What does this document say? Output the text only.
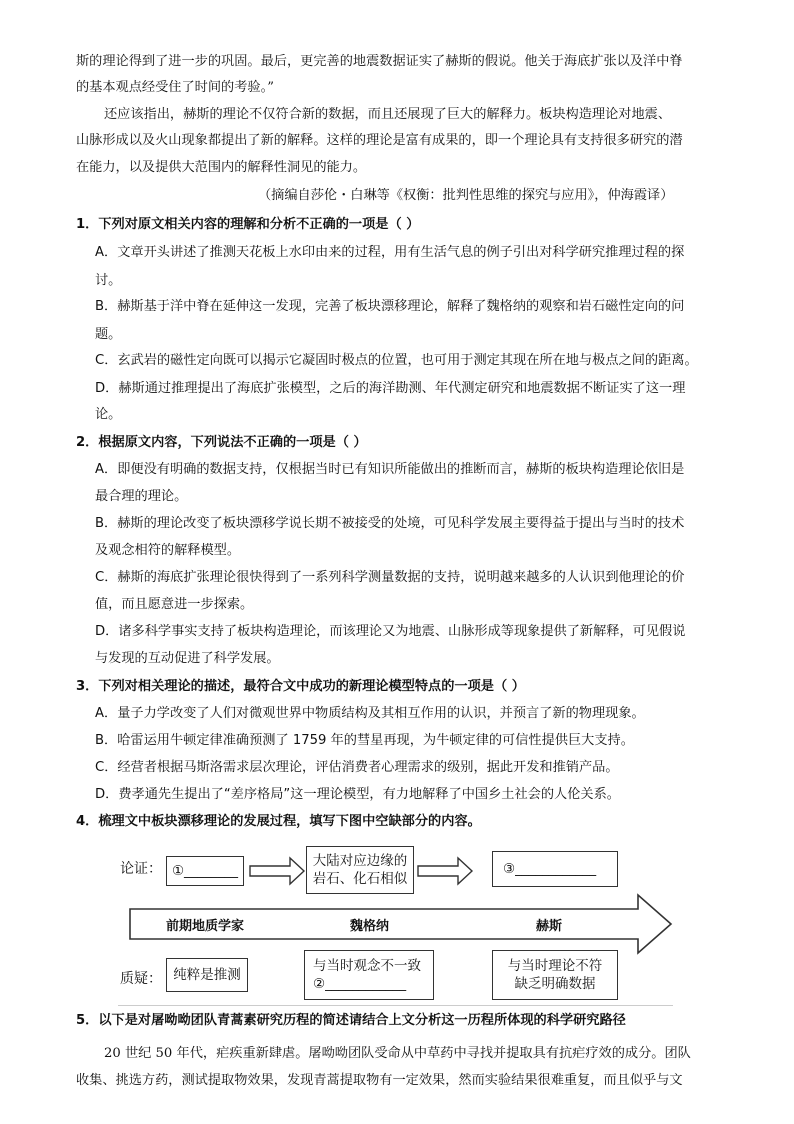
斯的理论得到了进一步的巩固。最后，更完善的地震数据证实了赫斯的假说。他关于海底扩张以及洋中脊
的基本观点经受住了时间的考验。”
还应该指出，赫斯的理论不仅符合新的数据，而且还展现了巨大的解释力。板块构造理论对地震、
山脉形成以及火山现象都提出了新的解释。这样的理论是富有成果的，即一个理论具有支持很多研究的潜
在能力，以及提供大范围内的解释性洞见的能力。
（摘编自莎伦・白琳等《权衡：批判性思维的探究与应用》，仲海霞译）
1．下列对原文相关内容的理解和分析不正确的一项是（ ）
A．文章开头讲述了推测天花板上水印由来的过程，用有生活气息的例子引出对科学研究推理过程的探
讨。
B．赫斯基于洋中脊在延伸这一发现，完善了板块漂移理论，解释了魏格纳的观察和岩石磁性定向的问
题。
C．玄武岩的磁性定向既可以揭示它凝固时极点的位置，也可用于测定其现在所在地与极点之间的距离。
D．赫斯通过推理提出了海底扩张模型，之后的海洋勘测、年代测定研究和地震数据不断证实了这一理
论。
2．根据原文内容，下列说法不正确的一项是（ ）
A．即便没有明确的数据支持，仅根据当时已有知识所能做出的推断而言，赫斯的板块构造理论依旧是
最合理的理论。
B．赫斯的理论改变了板块漂移学说长期不被接受的处境，可见科学发展主要得益于提出与当时的技术
及观念相符的解释模型。
C．赫斯的海底扩张理论很快得到了一系列科学测量数据的支持，说明越来越多的人认识到他理论的价
值，而且愿意进一步探索。
D．诸多科学事实支持了板块构造理论，而该理论又为地震、山脉形成等现象提供了新解释，可见假说
与发现的互动促进了科学发展。
3．下列对相关理论的描述，最符合文中成功的新理论模型特点的一项是（ ）
A．量子力学改变了人们对微观世界中物质结构及其相互作用的认识，并预言了新的物理现象。
B．哈雷运用牛顿定律准确预测了 1759 年的彗星再现，为牛顿定律的可信性提供巨大支持。
C．经营者根据马斯洛需求层次理论，评估消费者心理需求的级别，据此开发和推销产品。
D．费孝通先生提出了“差序格局”这一理论模型，有力地解释了中国乡土社会的人伦关系。
4．梳理文中板块漂移理论的发展过程，填写下图中空缺部分的内容。
论证： ①________
大陆对应边缘的
岩石、化石相似
③____________
前期地质学家	魏格纳	赫斯
质疑： 纯粹是推测
与当时观念不一致
②____________
与当时理论不符
缺乏明确数据
5．以下是对屠呦呦团队青蒿素研究历程的简述请结合上文分析这一历程所体现的科学研究路径
20 世纪 50 年代，疟疾重新肆虐。屠呦呦团队受命从中草药中寻找并提取具有抗疟疗效的成分。团队
收集、挑选方药，测试提取物效果，发现青蒿提取物有一定效果，然而实验结果很难重复，而且似乎与文
